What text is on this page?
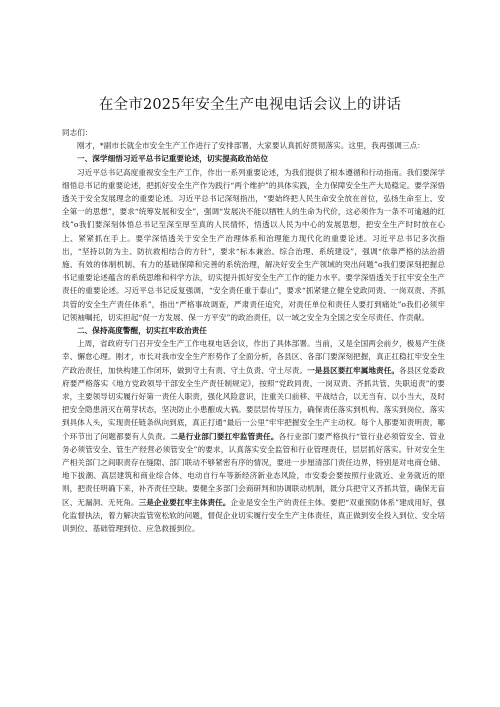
在全市2025年安全生产电视电话会议上的讲话

同志们：

刚才，*副市长就全市安全生产工作进行了安排部署，大家要认真抓好贯彻落实。这里，我再强调三点：

一、深学细悟习近平总书记重要论述，切实提高政治站位

习近平总书记高度重视安全生产工作，作出一系列重要论述，为我们提供了根本遵循和行动指南。我们要深学细悟总书记的重要论述，把抓好安全生产作为践行“两个维护”的具体实践，全力保障安全生产大局稳定。要学深悟透关于安全发展理念的重要论述。习近平总书记深刻指出，“要始终把人民生命安全放在首位，弘扬生命至上、安全第一的思想”，要求“统筹发展和安全”，强调“发展决不能以牺牲人的生命为代价，这必须作为一条不可逾越的红线”o我们要深刻体悟总书记至深至厚至真的人民情怀，悟透以人民为中心的发展思想，把安全生产时时放在心上、紧紧抓在手上。要学深悟透关于安全生产治理体系和治理能力现代化的重要论述。习近平总书记多次指出，“坚持以防为主、防抗救相结合的方针”，要求“标本兼治、综合治理、系统建设”，强调“依靠严格的法治措施、有效的体制机制、有力的基础保障和完善的系统治理，解决好安全生产领域的突出问题”o我们要深刻把握总书记重要论述蕴含的系统思维和科学方法，切实提升抓好安全生产工作的能力水平。要学深悟透关于扛牢安全生产责任的重要论述。习近平总书记反复强调，“安全责任重于泰山”，要求“抓紧建立健全党政同责、一岗双责、齐抓共管的安全生产责任体系”，指出“严格事故调查，严肃责任追究，对责任单位和责任人要打到痛处”o我们必须牢记领袖嘱托，切实担起“促一方发展、保一方平安”的政治责任，以一域之安全为全国之安全尽责任、作贡献。

二、保持高度警醒，切实扛牢政治责任

上周，省政府专门召开安全生产工作电视电话会议，作出了具体部署。当前，又是全国两会前夕，极易产生侥幸、懈怠心理。刚才，市长对我市安全生产形势作了全面分析，各县区、各部门要深刻把握，真正扛稳扛牢安全生产政治责任，加快构建工作闭环，做到守土有责、守土负责、守土尽责。一是县区要扛牢属地责任。各县区党委政府要严格落实《地方党政领导干部安全生产责任制规定》，按照“党政同责、一岗双责、齐抓共管、失职追责”的要求，主要领导切实履行好第一责任人职责，强化风险意识，注重关口前移、平战结合，以无当有、以小当大，及时把安全隐患消灭在萌芽状态，坚决防止小患酿成大祸。要层层传导压力，确保责任落实到机构、落实到岗位、落实到具体人头，实现责任链条纵向到底，真正打通“最后一公里”牢牢把握安全生产主动权。每个人都要知责明责，哪个环节出了问题都要有人负责。二是行业部门要扛牢监管责任。各行业部门要严格执行“管行业必须管安全、管业务必须管安全、管生产经营必须管安全”的要求，认真落实安全监管和行业管理责任，层层抓好落实。针对安全生产相关部门之间职责存在缝隙、部门联动不够紧密有序的情况，要进一步厘清部门责任边界，特别是对电商仓储、地下拔潮、高层建筑和商业综合体、电动自行车等新经济新业态风险，市安委会要按照行业就近、业务就近的原则，把责任明确下来，补齐责任空缺。要健全多部门会商研判和协调联动机制，既分兵把守又齐抓共管，确保无盲区、无漏洞、无死角。三是企业要扛牢主体责任。企业是安全生产的责任主体。要把“双重预防体系”建成用好，强化监督执法，着力解决监管宽松软的问题，督促企业切实履行安全生产主体责任，真正做到安全投入到位、安全培训到位、基础管理到位、应急救援到位。
